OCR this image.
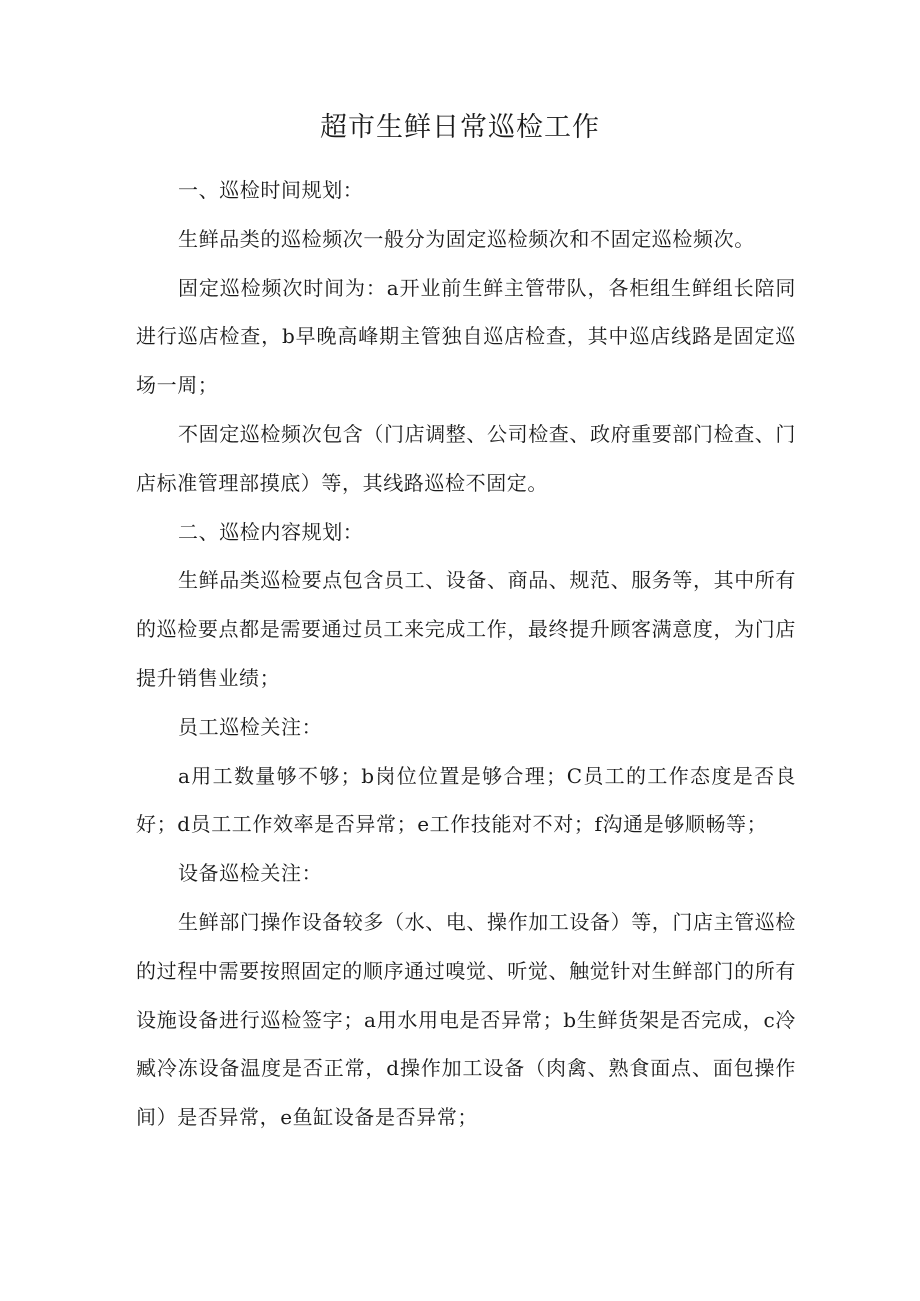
超市生鲜日常巡检工作

一、巡检时间规划：

生鲜品类的巡检频次一般分为固定巡检频次和不固定巡检频次。

固定巡检频次时间为：a开业前生鲜主管带队，各柜组生鲜组长陪同进行巡店检查，b早晚高峰期主管独自巡店检查，其中巡店线路是固定巡场一周；

不固定巡检频次包含（门店调整、公司检查、政府重要部门检查、门店标准管理部摸底）等，其线路巡检不固定。

二、巡检内容规划：

生鲜品类巡检要点包含员工、设备、商品、规范、服务等，其中所有的巡检要点都是需要通过员工来完成工作，最终提升顾客满意度，为门店提升销售业绩；

员工巡检关注：

a用工数量够不够；b岗位位置是够合理；C员工的工作态度是否良好；d员工工作效率是否异常；e工作技能对不对；f沟通是够顺畅等；

设备巡检关注：

生鲜部门操作设备较多（水、电、操作加工设备）等，门店主管巡检的过程中需要按照固定的顺序通过嗅觉、听觉、触觉针对生鲜部门的所有设施设备进行巡检签字；a用水用电是否异常；b生鲜货架是否完成，c冷臧冷冻设备温度是否正常，d操作加工设备（肉禽、熟食面点、面包操作间）是否异常，e鱼缸设备是否异常；
